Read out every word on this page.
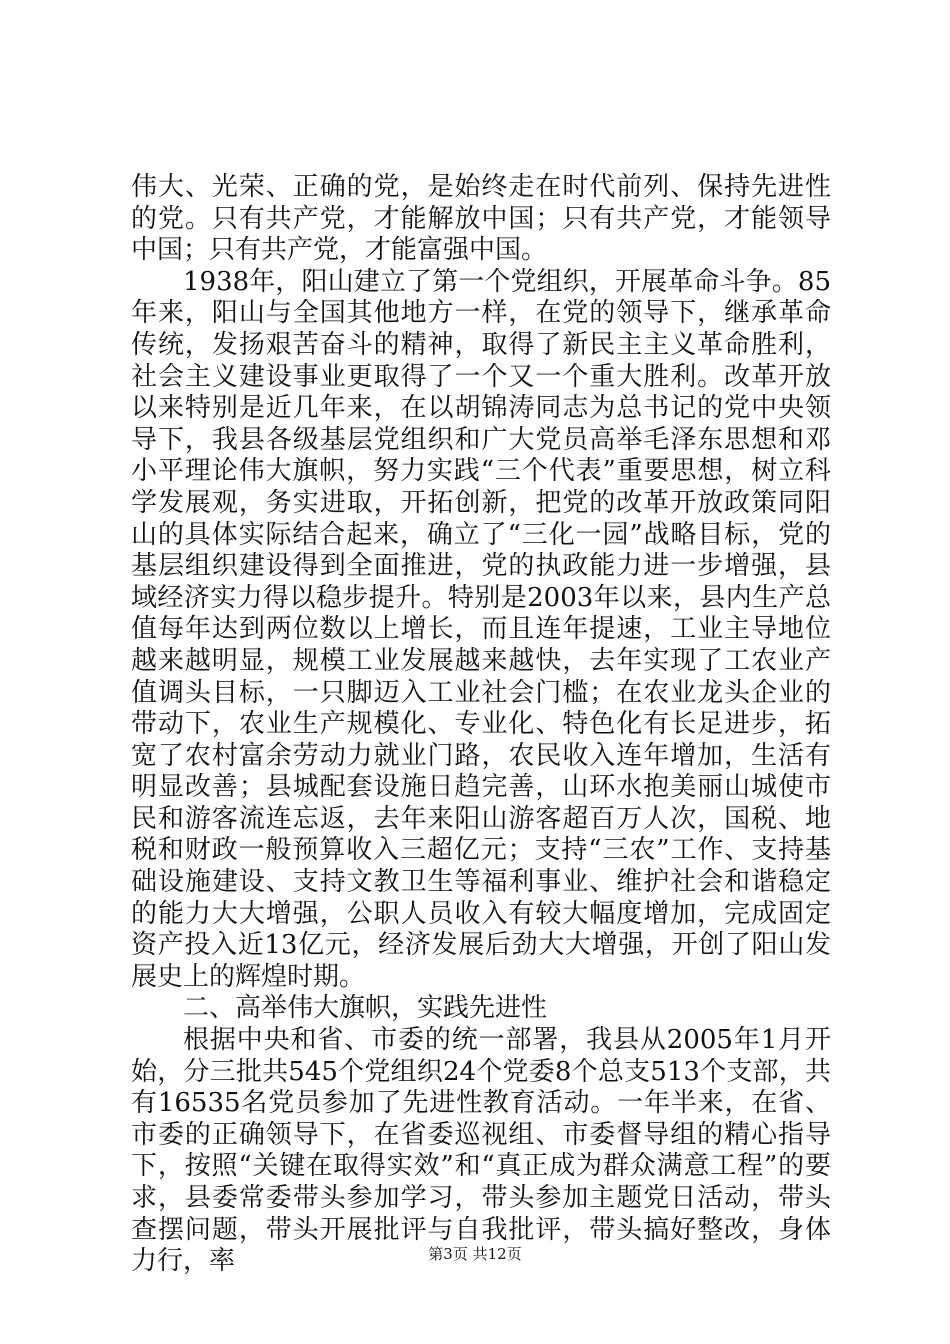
伟大、光荣、正确的党，是始终走在时代前列、保持先进性的党。只有共产党，才能解放中国；只有共产党，才能领导中国；只有共产党，才能富强中国。

1938年，阳山建立了第一个党组织，开展革命斗争。85年来，阳山与全国其他地方一样，在党的领导下，继承革命传统，发扬艰苦奋斗的精神，取得了新民主主义革命胜利，社会主义建设事业更取得了一个又一个重大胜利。改革开放以来特别是近几年来，在以胡锦涛同志为总书记的党中央领导下，我县各级基层党组织和广大党员高举毛泽东思想和邓小平理论伟大旗帜，努力实践“三个代表”重要思想，树立科学发展观，务实进取，开拓创新，把党的改革开放政策同阳山的具体实际结合起来，确立了“三化一园”战略目标，党的基层组织建设得到全面推进，党的执政能力进一步增强，县域经济实力得以稳步提升。特别是2003年以来，县内生产总值每年达到两位数以上增长，而且连年提速，工业主导地位越来越明显，规模工业发展越来越快，去年实现了工农业产值调头目标，一只脚迈入工业社会门槛；在农业龙头企业的带动下，农业生产规模化、专业化、特色化有长足进步，拓宽了农村富余劳动力就业门路，农民收入连年增加，生活有明显改善；县城配套设施日趋完善，山环水抱美丽山城使市民和游客流连忘返，去年来阳山游客超百万人次，国税、地税和财政一般预算收入三超亿元；支持“三农”工作、支持基础设施建设、支持文教卫生等福利事业、维护社会和谐稳定的能力大大增强，公职人员收入有较大幅度增加，完成固定资产投入近13亿元，经济发展后劲大大增强，开创了阳山发展史上的辉煌时期。

二、高举伟大旗帜，实践先进性

根据中央和省、市委的统一部署，我县从2005年1月开始，分三批共545个党组织24个党委8个总支513个支部，共有16535名党员参加了先进性教育活动。一年半来，在省、市委的正确领导下，在省委巡视组、市委督导组的精心指导下，按照“关键在取得实效”和“真正成为群众满意工程”的要求，县委常委带头参加学习，带头参加主题党日活动，带头查摆问题，带头开展批评与自我批评，带头搞好整改，身体力行，率	第3页 共12页
